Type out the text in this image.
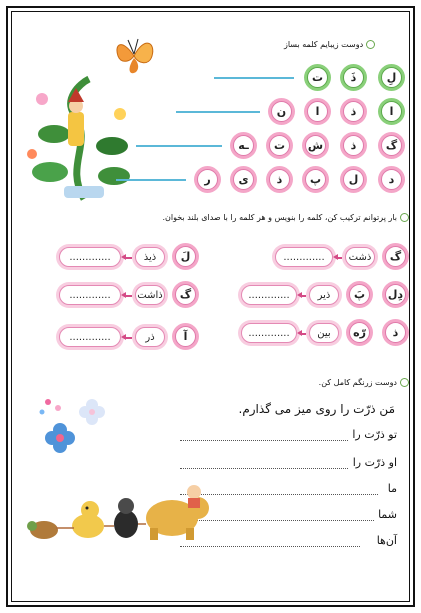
دوست زیبایم کلمه بساز
ت	ذَ	لِ
ن	ا	ذ	ا
ـه	ت	ش	ذ	گ
ر	ی	ذ	پ	ل	د
بار پرتوانم ترکیب کن، کلمه را بنویس و هر کلمه را با صدای بلند بخوان.
.............	ذشت	گ
.............	ذیر	پَ	دِل
.............	بین	رّه	ذ
.............	ذیذ	لَ
.............	ذاشت	گ
.............	ذر	آ
دوست زرنگم کامل کن.
مَن ذرّت را روی میز می گذارم.
تو ذرّت را
او ذرّت را
ما
شما
آن‌ها
